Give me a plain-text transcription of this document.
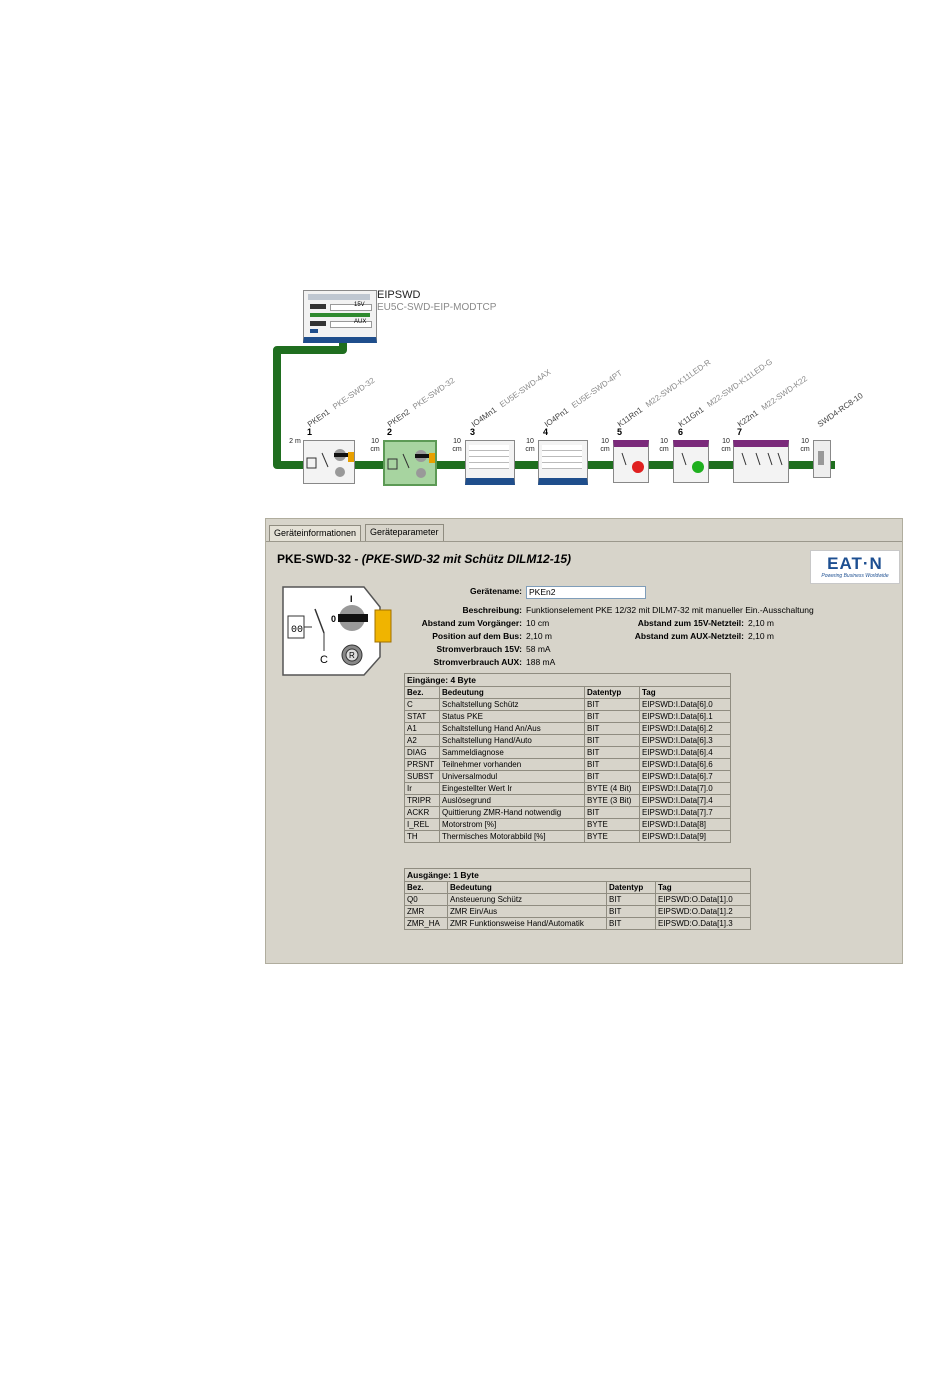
15V
AUX
EIPSWD
EU5C-SWD-EIP-MODTCP
2 m	10 cm
10 cm
10 cm
10 cm
10 cm
10 cm
10 cm
1	2	3	4	5	6	7
PKEn1PKE-SWD-32
PKEn2PKE-SWD-32
IO4Mn1EU5E-SWD-4AX
IO4Pn1EU5E-SWD-4PT
K11Rn1M22-SWD-K11LED-R
K11Gn1M22-SWD-K11LED-G
K22n1M22-SWD-K22 SWD4-RC8-10
Geräteinformationen	Geräteparameter
PKE-SWD-32 - (PKE-SWD-32 mit Schütz DILM12-15)	EAT·N
Powering Business Worldwide
00
C
I
0
R
Gerätename:
PKEn2
Beschreibung: Funktionselement PKE 12/32 mit DILM7-32 mit manueller Ein.-Ausschaltung
Abstand zum Vorgänger: 10 cm	Abstand zum 15V-Netzteil: 2,10 m
Position auf dem Bus: 2,10 m	Abstand zum AUX-Netzteil: 2,10 m
Stromverbrauch 15V: 58 mA
Stromverbrauch AUX: 188 mA
Eingänge: 4 Byte
Bez.	Bedeutung	Datentyp	Tag
C	Schaltstellung Schütz	BIT	EIPSWD:I.Data[6].0
STAT	Status PKE	BIT	EIPSWD:I.Data[6].1
A1	Schaltstellung Hand An/Aus	BIT	EIPSWD:I.Data[6].2
A2	Schaltstellung Hand/Auto	BIT	EIPSWD:I.Data[6].3
DIAG	Sammeldiagnose	BIT	EIPSWD:I.Data[6].4
PRSNT	Teilnehmer vorhanden	BIT	EIPSWD:I.Data[6].6
SUBST	Universalmodul	BIT	EIPSWD:I.Data[6].7
Ir	Eingestellter Wert Ir	BYTE (4 Bit)	EIPSWD:I.Data[7].0
TRIPR	Auslösegrund	BYTE (3 Bit)	EIPSWD:I.Data[7].4
ACKR	Quittierung ZMR-Hand notwendig	BIT	EIPSWD:I.Data[7].7
I_REL	Motorstrom [%]	BYTE	EIPSWD:I.Data[8]
TH	Thermisches Motorabbild [%]	BYTE	EIPSWD:I.Data[9]
Ausgänge: 1 Byte
Bez.	Bedeutung	Datentyp	Tag
Q0	Ansteuerung Schütz	BIT	EIPSWD:O.Data[1].0
ZMR	ZMR Ein/Aus	BIT	EIPSWD:O.Data[1].2
ZMR_HA	ZMR Funktionsweise Hand/Automatik	BIT	EIPSWD:O.Data[1].3
